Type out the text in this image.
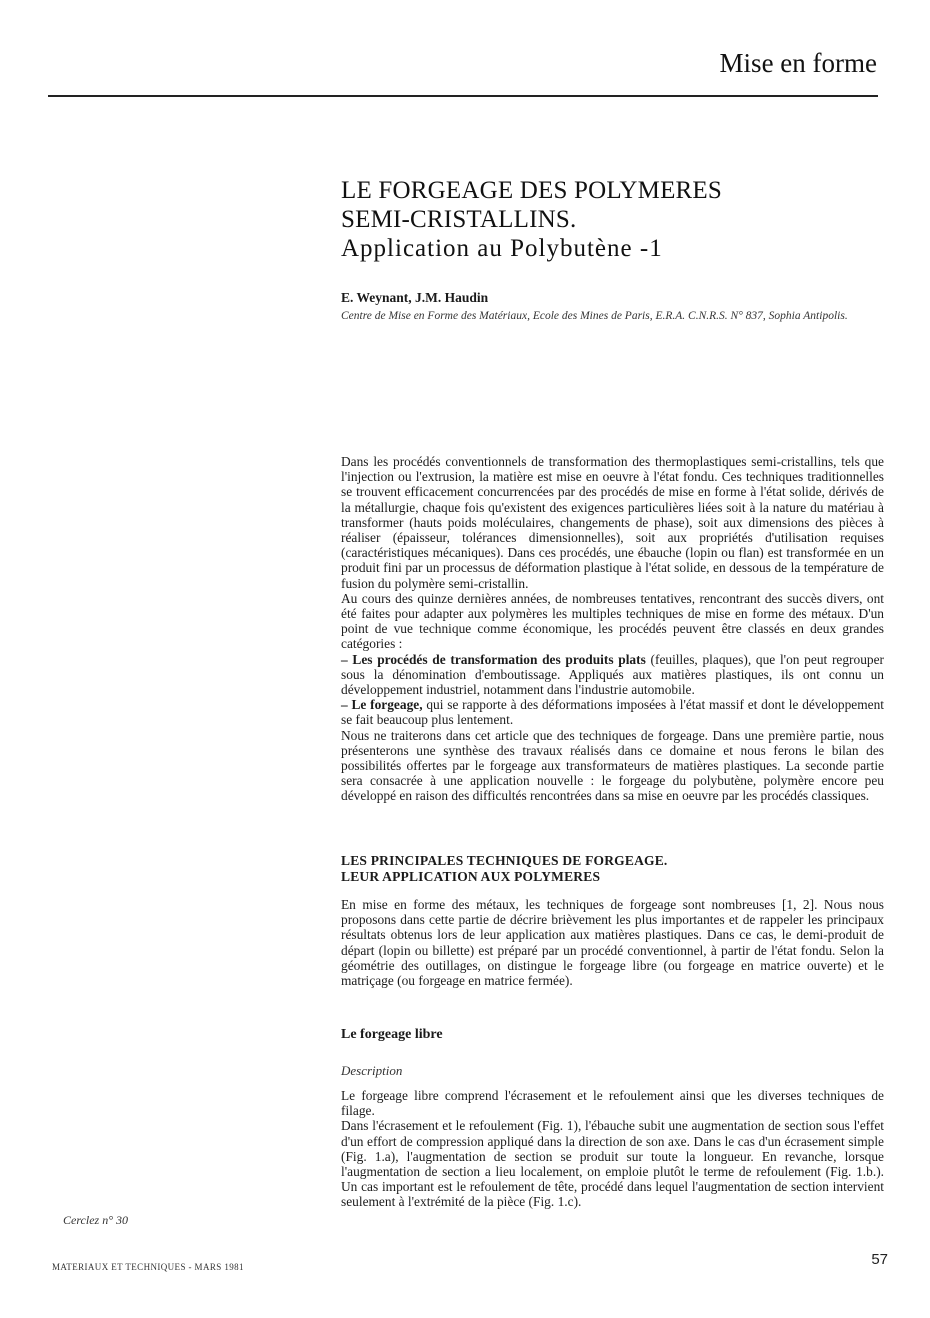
Mise en forme
LE FORGEAGE DES POLYMERES
SEMI-CRISTALLINS.
Application au Polybutène -1
E. Weynant, J.M. Haudin
Centre de Mise en Forme des Matériaux, Ecole des Mines de Paris, E.R.A. C.N.R.S. N° 837, Sophia Antipolis.

Dans les procédés conventionnels de transformation des thermoplastiques semi-cristallins, tels que l'injection ou l'extrusion, la matière est mise en oeuvre à l'état fondu. Ces techniques traditionnelles se trouvent efficacement concurrencées par des procédés de mise en forme à l'état solide, dérivés de la métallurgie, chaque fois qu'existent des exigences particulières liées soit à la nature du matériau à transformer (hauts poids moléculaires, changements de phase), soit aux dimensions des pièces à réaliser (épaisseur, tolérances dimensionnelles), soit aux propriétés d'utilisation requises (caractéristiques mécaniques). Dans ces procédés, une ébauche (lopin ou flan) est transformée en un produit fini par un processus de déformation plastique à l'état solide, en dessous de la température de fusion du polymère semi-cristallin.

Au cours des quinze dernières années, de nombreuses tentatives, rencontrant des succès divers, ont été faites pour adapter aux polymères les multiples techniques de mise en forme des métaux. D'un point de vue technique comme économique, les procédés peuvent être classés en deux grandes catégories :

– Les procédés de transformation des produits plats (feuilles, plaques), que l'on peut regrouper sous la dénomination d'emboutissage. Appliqués aux matières plastiques, ils ont connu un développement industriel, notamment dans l'industrie automobile.

– Le forgeage, qui se rapporte à des déformations imposées à l'état massif et dont le développement se fait beaucoup plus lentement.

Nous ne traiterons dans cet article que des techniques de forgeage. Dans une première partie, nous présenterons une synthèse des travaux réalisés dans ce domaine et nous ferons le bilan des possibilités offertes par le forgeage aux transformateurs de matières plastiques. La seconde partie sera consacrée à une application nouvelle : le forgeage du polybutène, polymère encore peu développé en raison des difficultés rencontrées dans sa mise en oeuvre par les procédés classiques.

LES PRINCIPALES TECHNIQUES DE FORGEAGE.
LEUR APPLICATION AUX POLYMERES

En mise en forme des métaux, les techniques de forgeage sont nombreuses [1, 2]. Nous nous proposons dans cette partie de décrire brièvement les plus importantes et de rappeler les principaux résultats obtenus lors de leur application aux matières plastiques. Dans ce cas, le demi-produit de départ (lopin ou billette) est préparé par un procédé conventionnel, à partir de l'état fondu. Selon la géométrie des outillages, on distingue le forgeage libre (ou forgeage en matrice ouverte) et le matriçage (ou forgeage en matrice fermée).

Le forgeage libre
Description

Le forgeage libre comprend l'écrasement et le refoulement ainsi que les diverses techniques de filage.

Dans l'écrasement et le refoulement (Fig. 1), l'ébauche subit une augmentation de section sous l'effet d'un effort de compression appliqué dans la direction de son axe. Dans le cas d'un écrasement simple (Fig. 1.a), l'augmentation de section se produit sur toute la longueur. En revanche, lorsque l'augmentation de section a lieu localement, on emploie plutôt le terme de refoulement (Fig. 1.b.). Un cas important est le refoulement de tête, procédé dans lequel l'augmentation de section intervient seulement à l'extrémité de la pièce (Fig. 1.c).

Cerclez n° 30
MATERIAUX ET TECHNIQUES - MARS 1981	57
